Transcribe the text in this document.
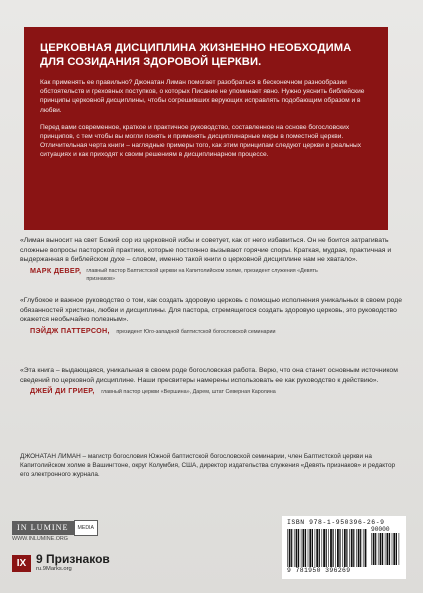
ЦЕРКОВНАЯ ДИСЦИПЛИНА ЖИЗНЕННО НЕОБХОДИМА
ДЛЯ СОЗИДАНИЯ ЗДОРОВОЙ ЦЕРКВИ.

Как применять ее правильно? Джонатан Лиман помогает разобраться в бесконечном разнообразии обстоятельств и греховных поступков, о которых Писание не упоминает явно. Нужно уяснить библейские принципы церковной дисциплины, чтобы согрешивших верующих исправлять подобающим образом и в любви.

Перед вами современное, краткое и практичное руководство, составленное на основе богословских принципов, с тем чтобы вы могли понять и применять дисциплинарные меры в поместной церкви. Отличительная черта книги – наглядные примеры того, как этим принципам следуют церкви в реальных ситуациях и как приходят к своим решениям в дисциплинарном процессе.

«Лиман выносит на свет Божий сор из церковной избы и советует, как от него избавиться. Он не боится затрагивать сложные вопросы пасторской практики, которые постоянно вызывают горячие споры. Краткая, мудрая, практичная и выдержанная в библейском духе – словом, именно такой книги о церковной дисциплине нам не хватало».

МАРК ДЕВЕР, главный пастор Баптистской церкви на Капитолийском холме, президент служения «Девять признаков»

«Глубокое и важное руководство о том, как создать здоровую церковь с помощью исполнения уникальных в своем роде обязанностей христиан, любви и дисциплины. Для пастора, стремящегося создать здоровую церковь, это руководство окажется необычайно полезным».

ПЭЙДЖ ПАТТЕРСОН, президент Юго-западной баптистской богословской семинарии

«Эта книга – выдающаяся, уникальная в своем роде богословская работа. Верю, что она станет основным источником сведений по церковной дисциплине. Наши пресвитеры намерены использовать ее как руководство к действию».

ДЖЕЙ ДИ ГРИЕР, главный пастор церкви «Вершина», Дарем, штат Северная Каролина

ДЖОНАТАН ЛИМАН – магистр богословия Южной баптистской богословской семинарии, член Баптистской церкви на Капитолийском холме в Вашингтоне, округ Колумбия, США, директор издательства служения «Девять признаков» и редактор его электронного журнала.

IN LUMINE	MEDIA
WWW.INLUMINE.ORG
IX 9 Признаков
ru.9Marks.org
ISBN 978-1-950396-26-9
90000
9 781950 396269
